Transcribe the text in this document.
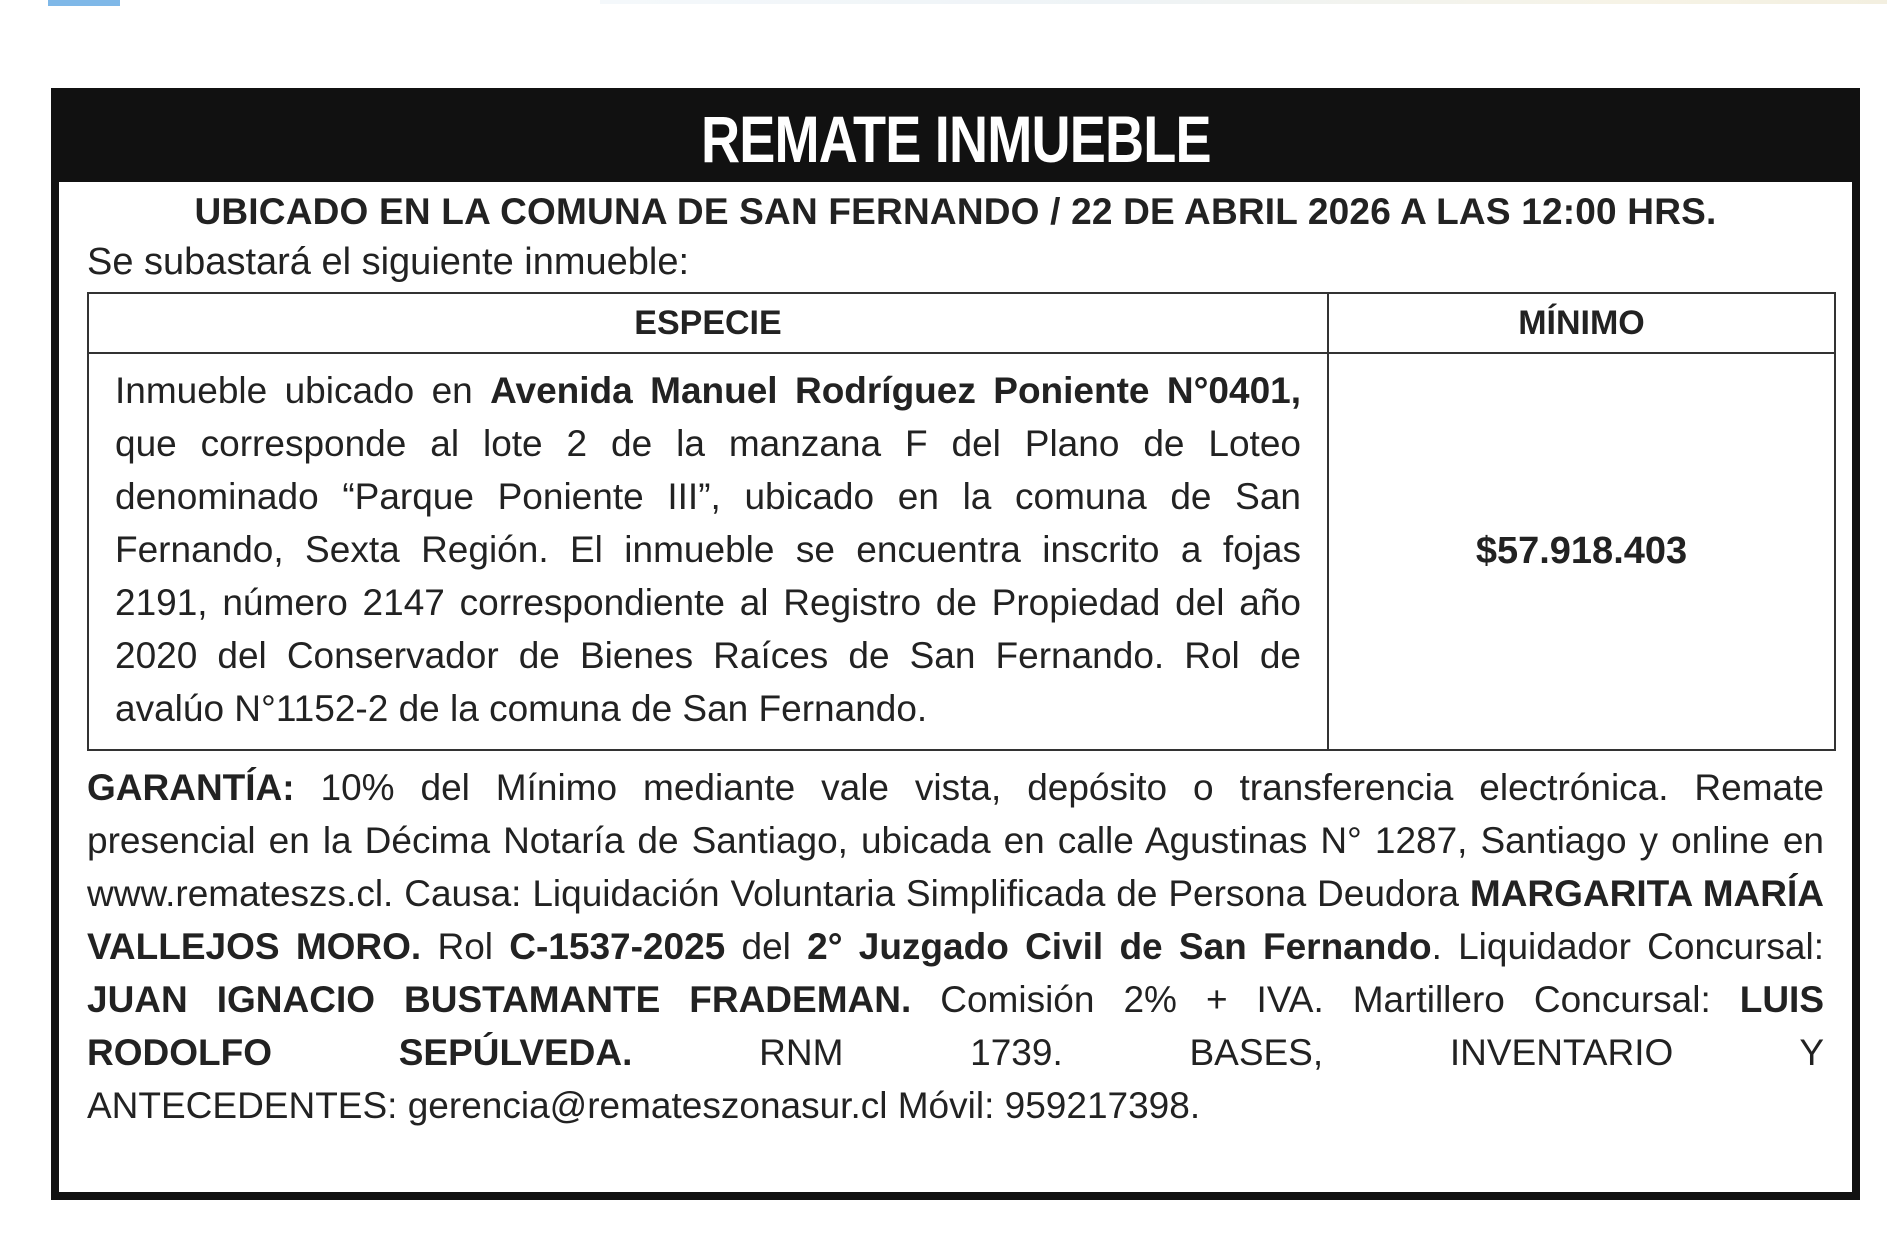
REMATE INMUEBLE
UBICADO EN LA COMUNA DE SAN FERNANDO / 22 DE ABRIL 2026 A LAS 12:00 HRS.
Se subastará el siguiente inmueble:
ESPECIE	MÍNIMO
Inmueble ubicado en Avenida Manuel Rodríguez Poniente N°0401, que corresponde al lote 2 de la manzana F del Plano de Loteo denominado “Parque Poniente III”, ubicado en la comuna de San Fernando, Sexta Región. El inmueble se encuentra inscrito a fojas 2191, número 2147 correspondiente al Registro de Propiedad del año 2020 del Conservador de Bienes Raíces de San Fernando. Rol de avalúo N°1152-2 de la comuna de San Fernando.	$57.918.403
GARANTÍA: 10% del Mínimo mediante vale vista, depósito o transferencia electrónica. Remate presencial en la Décima Notaría de Santiago, ubicada en calle Agustinas N° 1287, Santiago y online en www.remateszs.cl. Causa: Liquidación Voluntaria Simplificada de Persona Deudora MARGARITA MARÍA VALLEJOS MORO. Rol C-1537-2025 del 2° Juzgado Civil de San Fernando. Liquidador Concursal: JUAN IGNACIO BUSTAMANTE FRADEMAN. Comisión 2% + IVA. Martillero Concursal: LUIS RODOLFO SEPÚLVEDA. RNM 1739. BASES, INVENTARIO Y
ANTECEDENTES: gerencia@remateszonasur.cl Móvil: 959217398.
